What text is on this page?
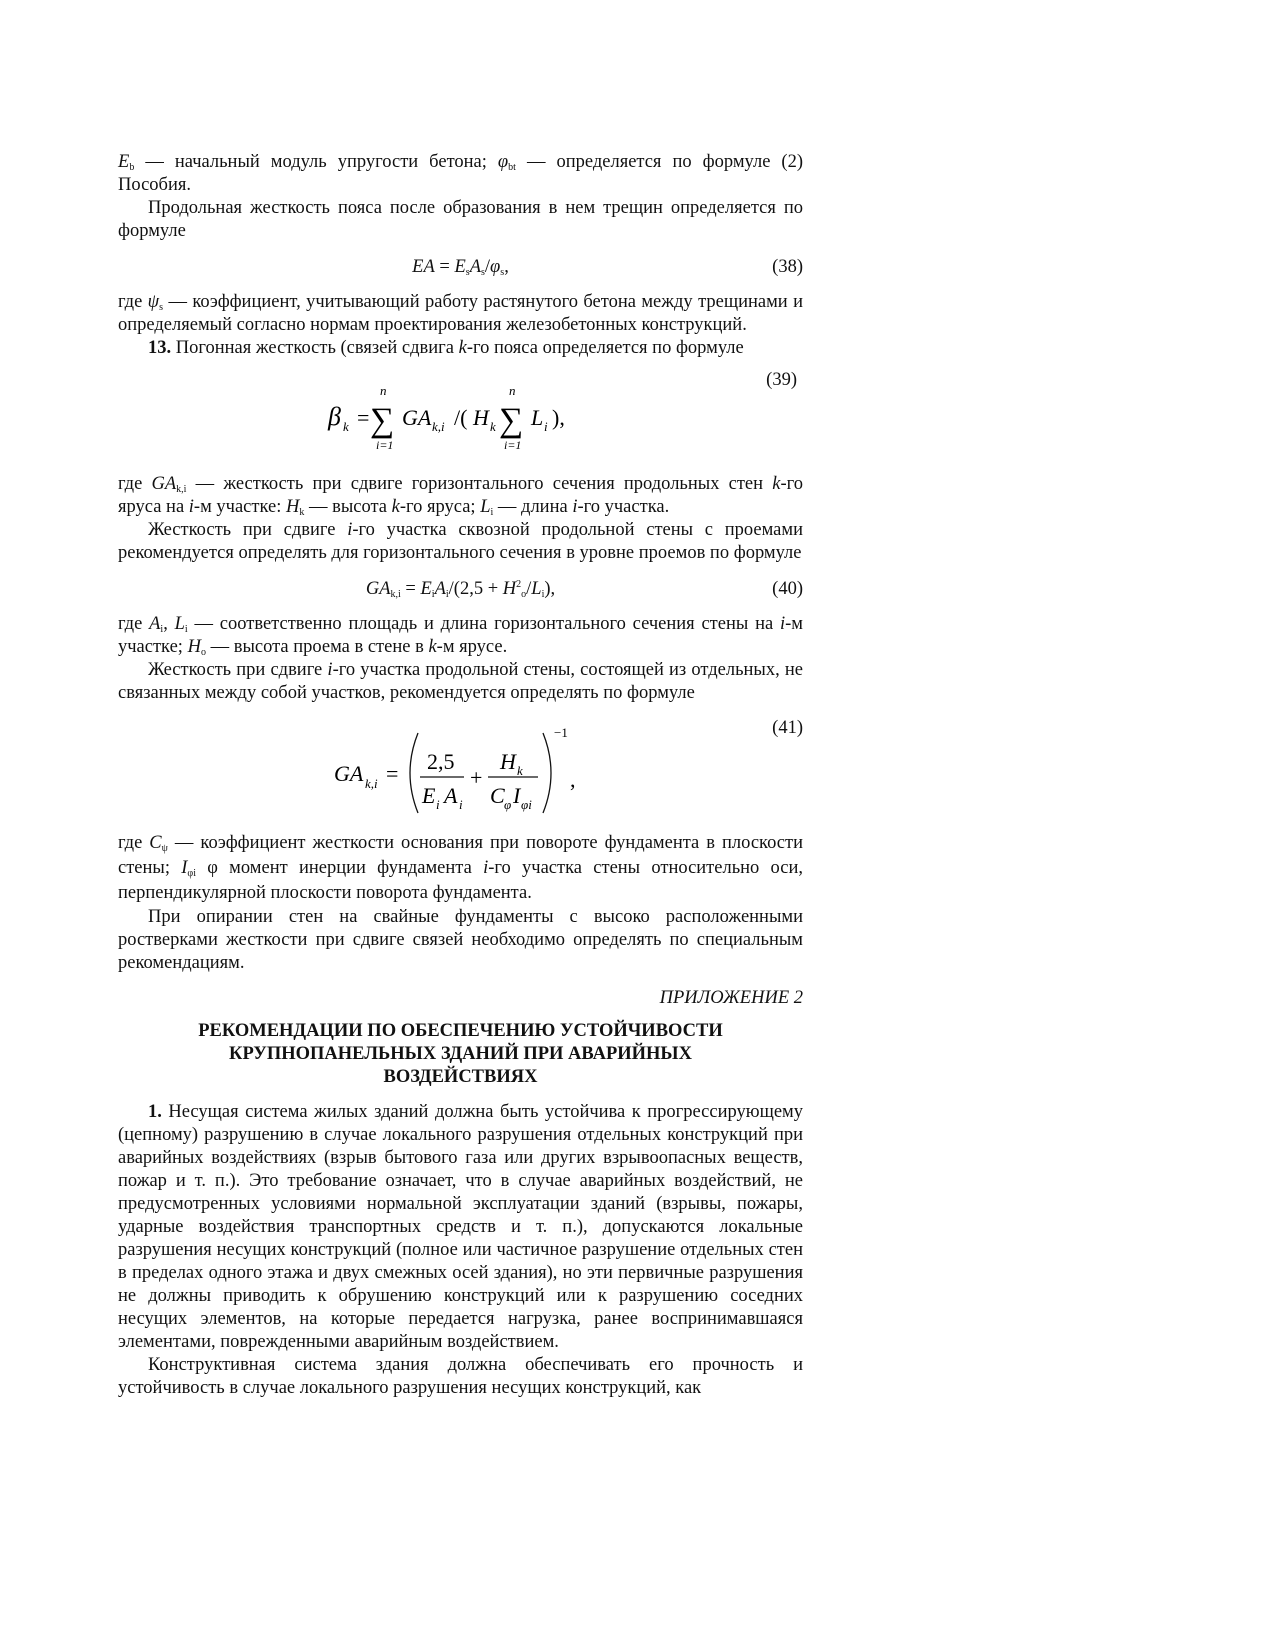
$E_b$ — начальный модуль упругости бетона; $\varphi_{bt}$ — определяется по формуле (2) Пособия.

Продольная жесткость пояса после образования в нем трещин определяется по формуле

EA = $E_sA_s/\varphi_s$,	(38)

где $\psi_s$ — коэффициент, учитывающий работу растянутого бетона между трещинами и определяемый согласно нормам проектирования железобетонных конструкций.

13. Погонная жесткость (связей сдвига k-го пояса определяется по формуле

(39)
β k =
n
∑
i=1
GA k,i /( H k
n
∑
i=1
L i ),

где $GA_{k,i}$ — жесткость при сдвиге горизонтального сечения продольных стен k-го яруса на i-м участке: $H_k$ — высота k-го яруса; $L_i$ — длина i-го участка.

Жесткость при сдвиге i-го участка сквозной продольной стены с проемами рекомендуется определять для горизонтального сечения в уровне проемов по формуле

$GA_{k,i} = E_iA_i/(2,5 + H^2_o/L_i)$,	(40)

где $A_i$, $L_i$ — соответственно площадь и длина горизонтального сечения стены на i-м участке; $H_o$ — высота проема в стене в k-м ярусе.

Жесткость при сдвиге i-го участка продольной стены, состоящей из отдельных, не связанных между собой участков, рекомендуется определять по формуле

(41)
GA k,i = 2,5
E i A i
+
H k
C φ I φi
−1
,

где $C_\psi$ — коэффициент жесткости основания при повороте фундамента в плоскости стены; $I_{\varphi i}$ φ момент инерции фундамента i-го участка стены относительно оси, перпендикулярной плоскости поворота фундамента.

При опирании стен на свайные фундаменты с высоко расположенными ростверками жесткости при сдвиге связей необходимо определять по специальным рекомендациям.

ПРИЛОЖЕНИЕ 2
РЕКОМЕНДАЦИИ ПО ОБЕСПЕЧЕНИЮ УСТОЙЧИВОСТИ
КРУПНОПАНЕЛЬНЫХ ЗДАНИЙ ПРИ АВАРИЙНЫХ
ВОЗДЕЙСТВИЯХ

1. Несущая система жилых зданий должна быть устойчива к прогрессирующему (цепному) разрушению в случае локального разрушения отдельных конструкций при аварийных воздействиях (взрыв бытового газа или других взрывоопасных веществ, пожар и т. п.). Это требование означает, что в случае аварийных воздействий, не предусмотренных условиями нормальной эксплуатации зданий (взрывы, пожары, ударные воздействия транспортных средств и т. п.), допускаются локальные разрушения несущих конструкций (полное или частичное разрушение отдельных стен в пределах одного этажа и двух смежных осей здания), но эти первичные разрушения не должны приводить к обрушению конструкций или к разрушению соседних несущих элементов, на которые передается нагрузка, ранее воспринимавшаяся элементами, поврежденными аварийным воздействием.

Конструктивная система здания должна обеспечивать его прочность и устойчивость в случае локального разрушения несущих конструкций, как
